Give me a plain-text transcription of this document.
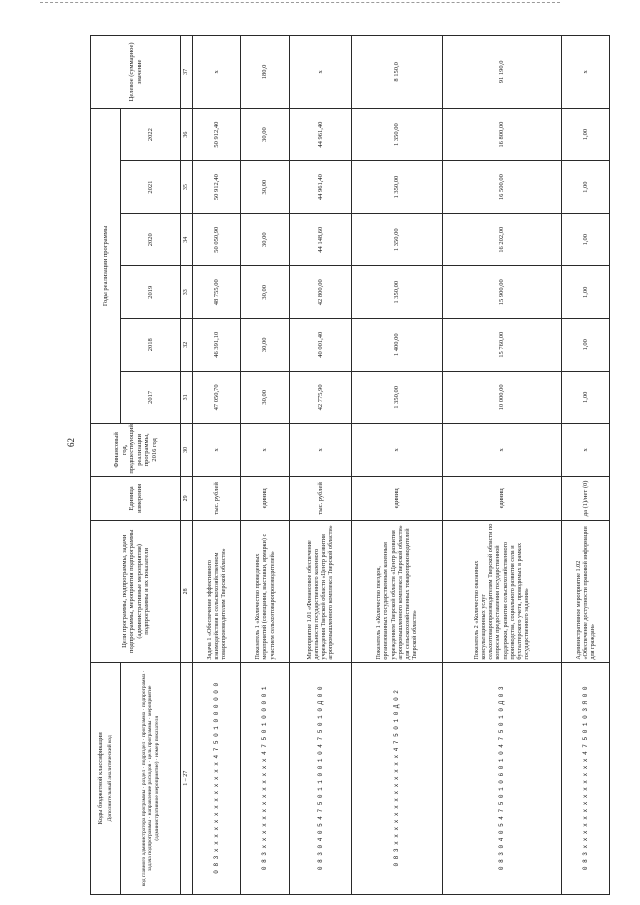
62
Коды бюджетной классификации Дополнительный аналитический код	Цели программы, подпрограммы, задачи подпрограммы, мероприятия подпрограммы (административные мероприятия) подпрограммы и их показатели	Единица измерения	Финансовый год, предшествующий реализации программы, 2016 год	Годы реализации программы						Целевое (суммарное) значение
код главного администратора программы · раздел · подраздел · программа · подпрограмма · задача подпрограммы · направление расходов · цель программы · мероприятие (административное мероприятие) · номер показателя				2017	2018	2019	2020	2021	2022	
1 – 27	28	29	30	31	32	33	34	35	36	37
0 8 3 х х х х х х х х х х х х х 4 7 5 0 1 0 0 0 0 0 0	Задача 1 «Обеспечение эффективного взаимодействия в сельскохозяйственном товаропроизводителям Тверской области»	тыс. рублей	х	47 050,70	46 391,10	48 755,00	50 050,90	50 912,40	50 912,40	х
0 8 3 х х х х х х х х х х х х х 4 7 5 0 1 0 0 0 0 1	Показатель 1 «Количество проведенных мероприятий (совещания, выставки, ярмарки) с участием сельхозтоваропроизводителей»	единиц	х	30,00	30,00	30,00	30,00	30,00	30,00	180,0
0 8 3 0 4 0 5 4 7 5 0 1 1 0 0 1 0 4 7 5 0 1 0 Д 0 0	Мероприятие 1.01 «Финансовое обеспечение деятельности государственного казенного учреждения Тверской области «Центр развития агропромышленного комплекса Тверской области»	тыс. рублей	х	42 775,90	40 001,40	42 800,00	44 148,60	44 961,40	44 961,40	х
0 8 3 х х х х х х х х х х х х х 4 7 5 0 1 0 Д 0 2	Показатель 1 «Количество поездок, организованных государственным казенным учреждением Тверской области «Центр развития агропромышленного комплекса Тверской области» для сельскохозяйственных товаропроизводителей Тверской области»	единиц	х	1 350,00	1 400,00	1 350,00	1 350,00	1 350,00	1 350,00	8 150,0
0 8 3 0 4 0 5 4 7 5 0 1 0 6 0 1 0 4 7 5 0 1 0 Д 0 3	Показатель 2 «Количество оказанных консультационных услуг сельхозтоваропроизводителям Тверской области по вопросам предоставления государственной поддержки, развития сельскохозяйственного производства, социального развития села и бухгалтерского учета, проводимых в рамках государственного задания»	единиц	х	10 000,00	15 760,00	15 900,00	16 202,00	16 500,00	16 800,00	91 190,0
0 8 3 х х х х х х х х х х х х х 4 7 5 0 1 0 3 Я 0 0	Административное мероприятие 1.02 «Обеспечение доступности правовой информации для граждан»	да (1)/нет (0)	х	1,00	1,00	1,00	1,00	1,00	1,00	х
